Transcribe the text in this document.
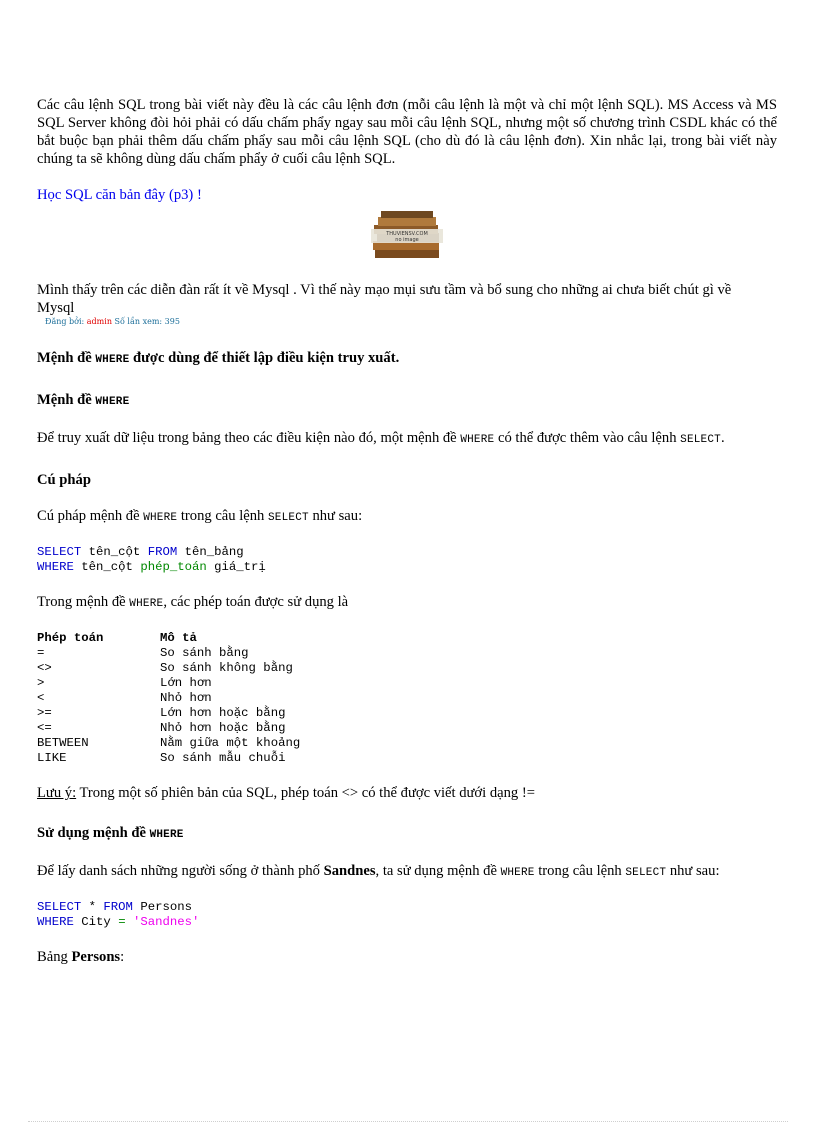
Các câu lệnh SQL trong bài viết này đều là các câu lệnh đơn (mỗi câu lệnh là một và chỉ một lệnh SQL). MS Access và MS SQL Server không đòi hỏi phải có dấu chấm phẩy ngay sau mỗi câu lệnh SQL, nhưng một số chương trình CSDL khác có thể bắt buộc bạn phải thêm dấu chấm phẩy sau mỗi câu lệnh SQL (cho dù đó là câu lệnh đơn). Xin nhắc lại, trong bài viết này chúng ta sẽ không dùng dấu chấm phẩy ở cuối câu lệnh SQL.

Học SQL căn bản đây (p3) !

THUVIENSV.COM
no image

Mình thấy trên các diễn đàn rất ít về Mysql . Vì thế này mạo mụi sưu tầm và bổ sung cho những ai chưa biết chút gì về Mysql

Đăng bởi: admin Số lần xem: 395

Mệnh đề WHERE được dùng để thiết lập điều kiện truy xuất.
Mệnh đề WHERE

Để truy xuất dữ liệu trong bảng theo các điều kiện nào đó, một mệnh đề WHERE có thể được thêm vào câu lệnh SELECT.

Cú pháp

Cú pháp mệnh đề WHERE trong câu lệnh SELECT như sau:

SELECT tên_cột FROM tên_bảng
WHERE tên_cột phép_toán giá_trị

Trong mệnh đề WHERE, các phép toán được sử dụng là

Phép toán	Mô tả
=	So sánh bằng
<>	So sánh không bằng
>	Lớn hơn
<	Nhỏ hơn
>=	Lớn hơn hoặc bằng
<=	Nhỏ hơn hoặc bằng
BETWEEN	Nằm giữa một khoảng
LIKE	So sánh mẫu chuỗi

Lưu ý: Trong một số phiên bản của SQL, phép toán <> có thể được viết dưới dạng !=

Sử dụng mệnh đề WHERE

Để lấy danh sách những người sống ở thành phố Sandnes, ta sử dụng mệnh đề WHERE trong câu lệnh SELECT như sau:

SELECT * FROM Persons
WHERE City = 'Sandnes'

Bảng Persons:
